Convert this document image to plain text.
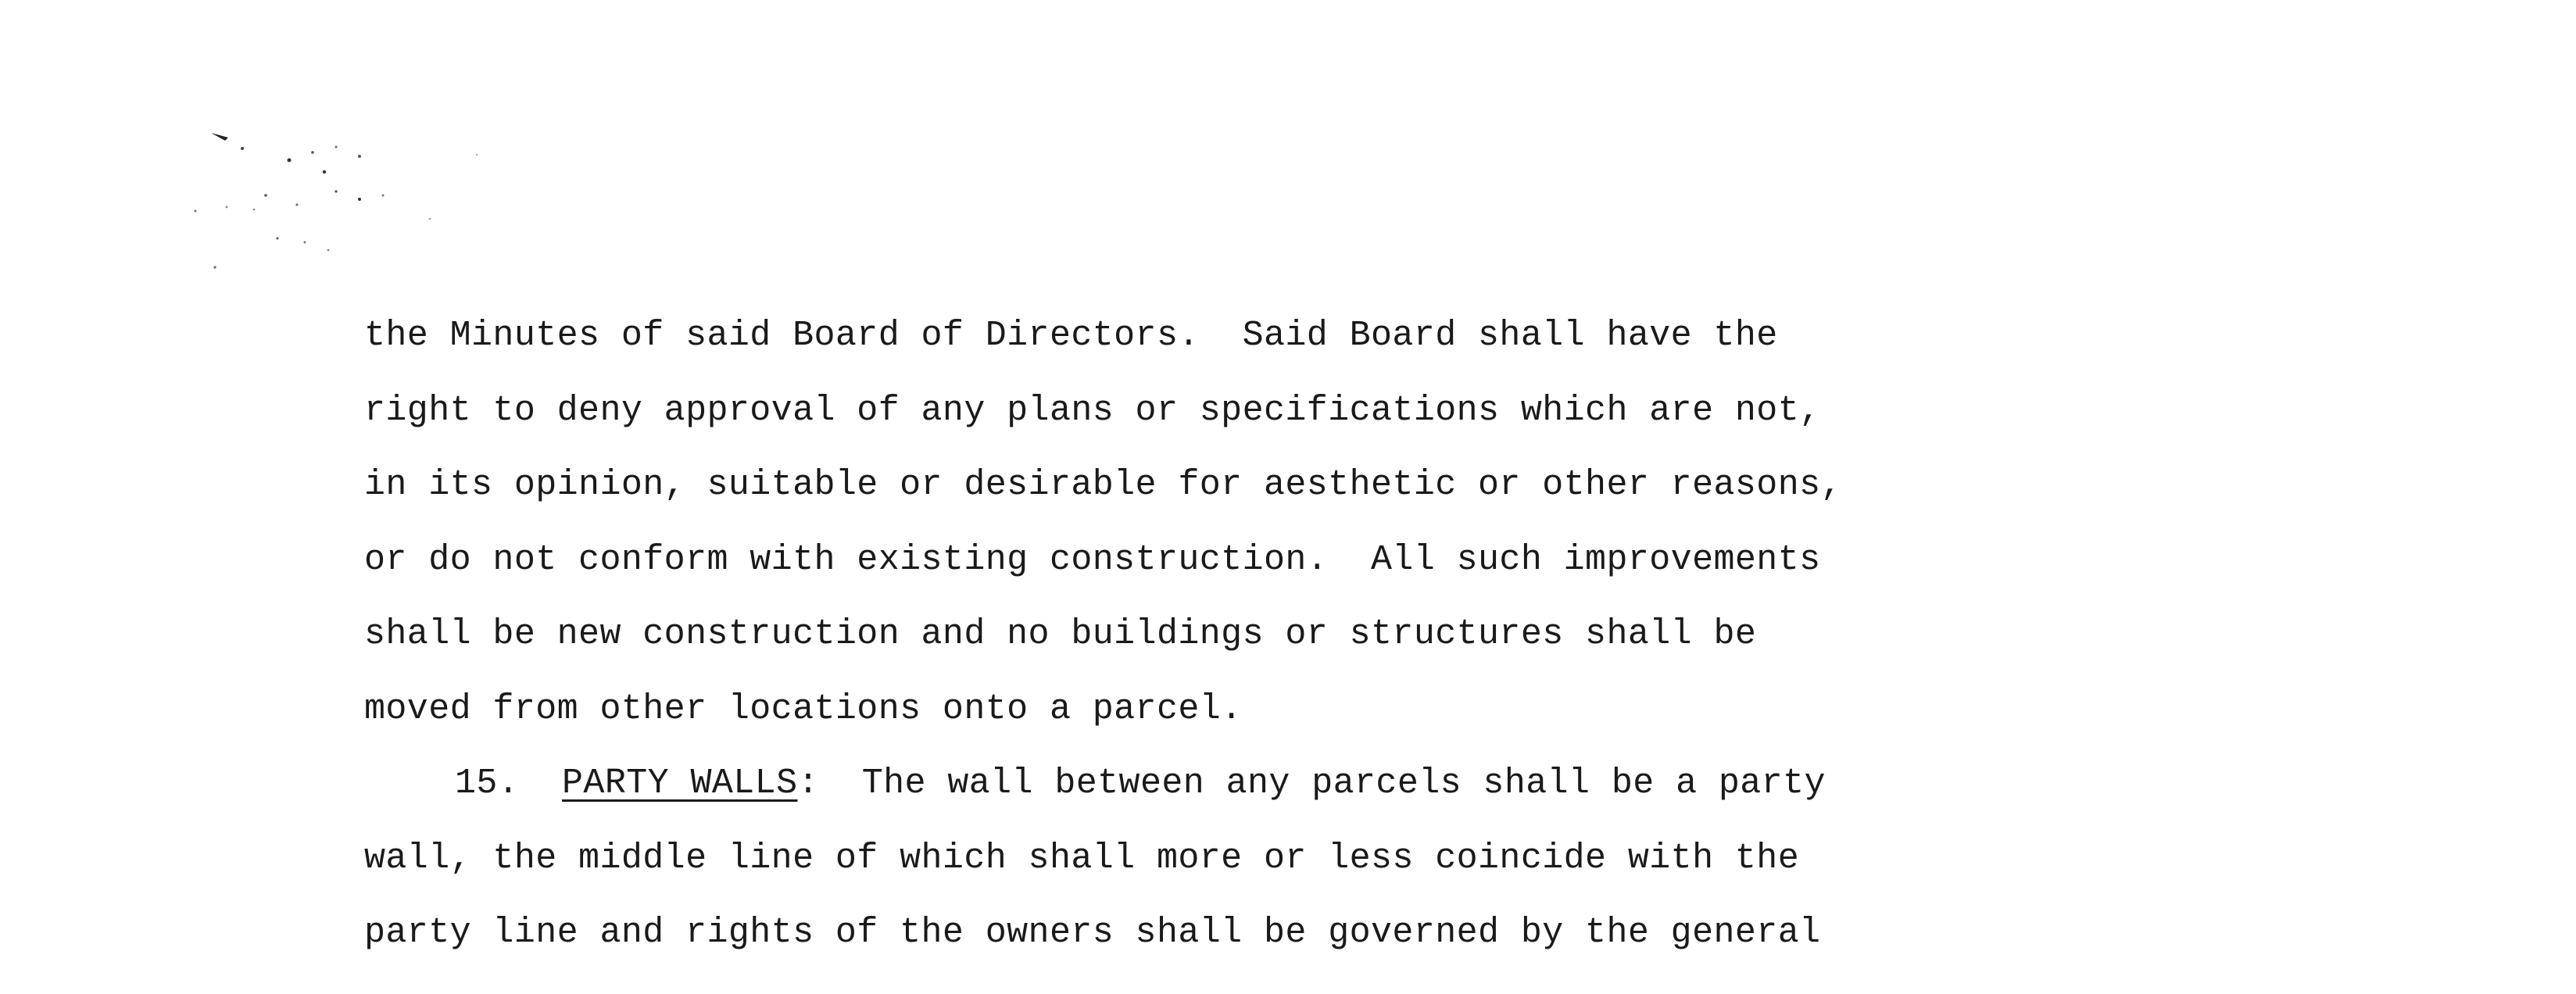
the Minutes of said Board of Directors.  Said Board shall have the
right to deny approval of any plans or specifications which are not,
in its opinion, suitable or desirable for aesthetic or other reasons,
or do not conform with existing construction.  All such improvements
shall be new construction and no buildings or structures shall be
moved from other locations onto a parcel.
15. PARTY WALLS: The wall between any parcels shall be a party
wall, the middle line of which shall more or less coincide with the
party line and rights of the owners shall be governed by the general
